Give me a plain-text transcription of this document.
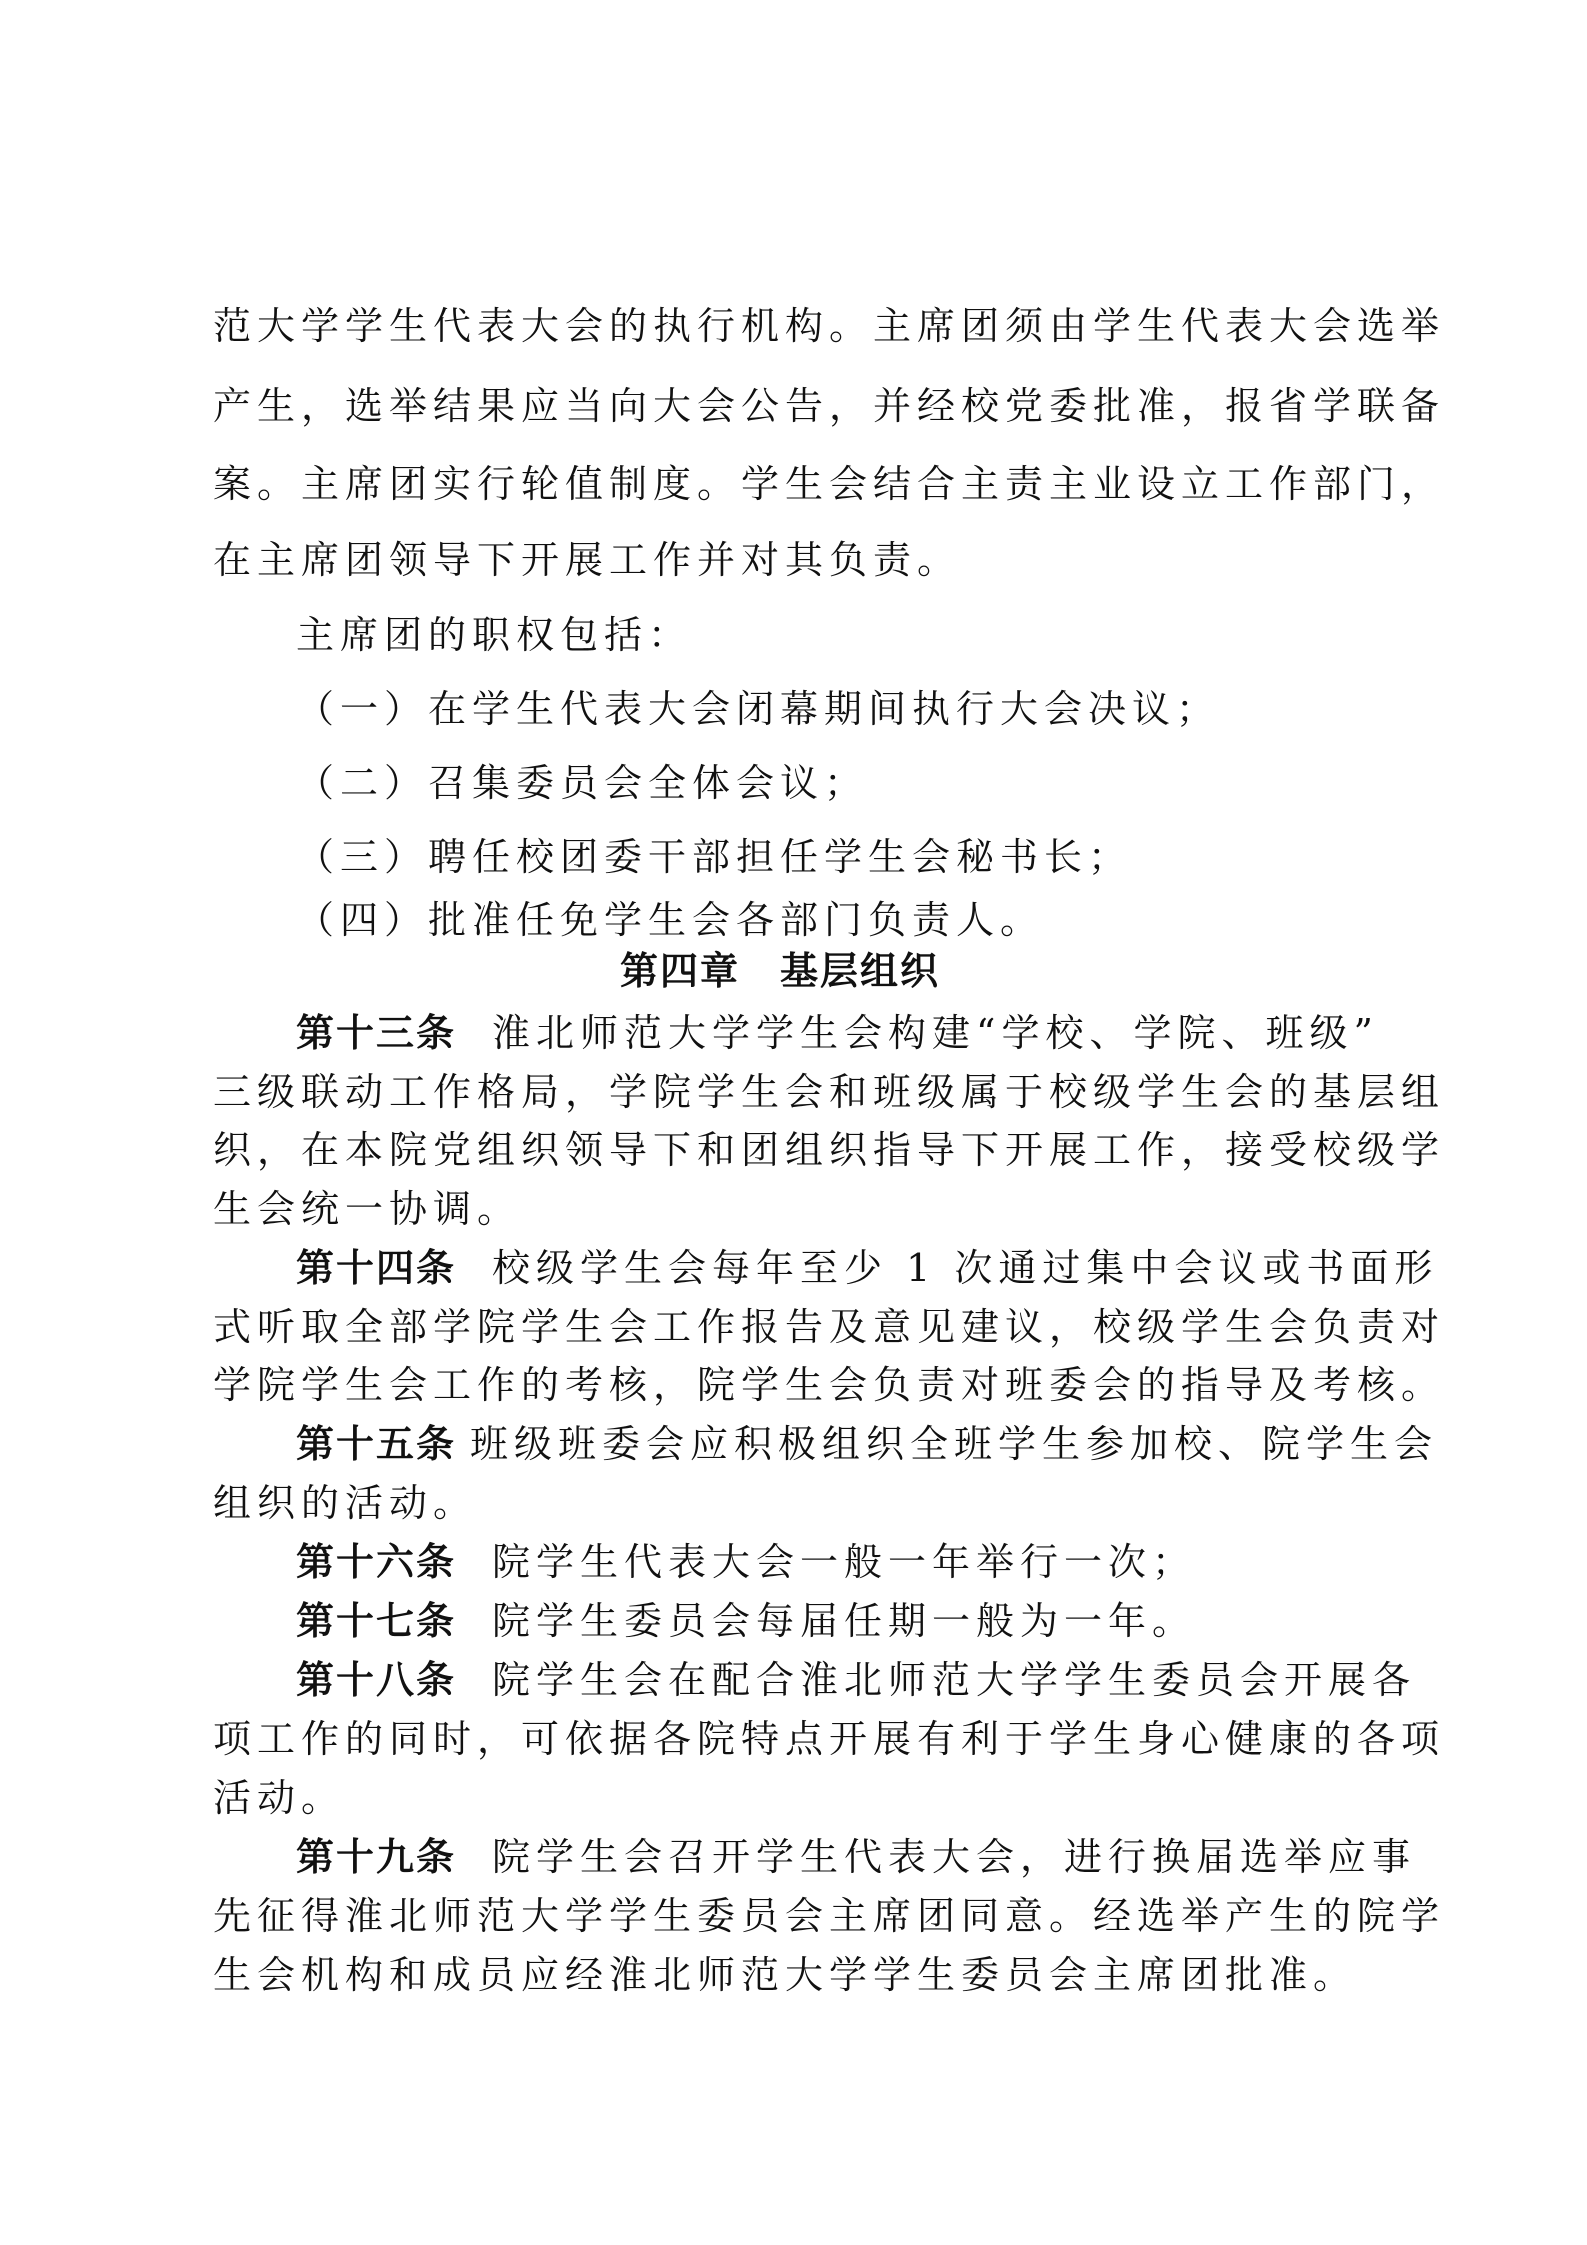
范大学学生代表大会的执行机构。主席团须由学生代表大会选举
产生，选举结果应当向大会公告，并经校党委批准，报省学联备
案。主席团实行轮值制度。学生会结合主责主业设立工作部门，
在主席团领导下开展工作并对其负责。
主席团的职权包括：
（一）在学生代表大会闭幕期间执行大会决议；
（二）召集委员会全体会议；
（三）聘任校团委干部担任学生会秘书长；
（四）批准任免学生会各部门负责人。
第四章　基层组织
第十三条 淮北师范大学学生会构建“学校、学院、班级”
三级联动工作格局，学院学生会和班级属于校级学生会的基层组
织，在本院党组织领导下和团组织指导下开展工作，接受校级学
生会统一协调。
第十四条 校级学生会每年至少 1 次通过集中会议或书面形
式听取全部学院学生会工作报告及意见建议，校级学生会负责对
学院学生会工作的考核，院学生会负责对班委会的指导及考核。
第十五条 班级班委会应积极组织全班学生参加校、院学生会
组织的活动。
第十六条 院学生代表大会一般一年举行一次；
第十七条 院学生委员会每届任期一般为一年。
第十八条 院学生会在配合淮北师范大学学生委员会开展各
项工作的同时，可依据各院特点开展有利于学生身心健康的各项
活动。
第十九条 院学生会召开学生代表大会，进行换届选举应事
先征得淮北师范大学学生委员会主席团同意。经选举产生的院学
生会机构和成员应经淮北师范大学学生委员会主席团批准。
